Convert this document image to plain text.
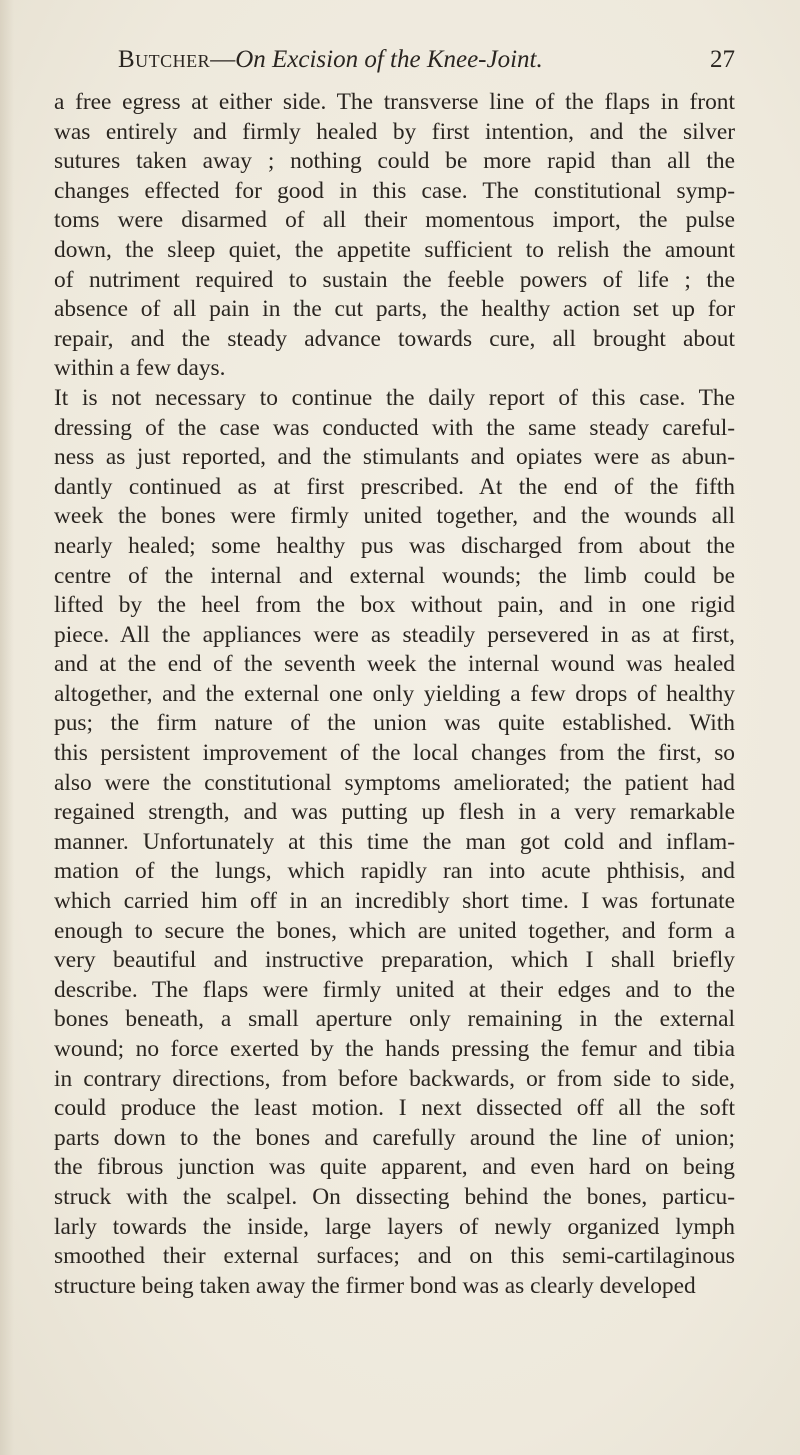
Butcher—On Excision of the Knee-Joint.	27
a free egress at either side. The transverse line of the flaps in front
was entirely and firmly healed by first intention, and the silver
sutures taken away ; nothing could be more rapid than all the
changes effected for good in this case. The constitutional symp-
toms were disarmed of all their momentous import, the pulse
down, the sleep quiet, the appetite sufficient to relish the amount
of nutriment required to sustain the feeble powers of life ; the
absence of all pain in the cut parts, the healthy action set up for
repair, and the steady advance towards cure, all brought about
within a few days.
It is not necessary to continue the daily report of this case. The
dressing of the case was conducted with the same steady careful-
ness as just reported, and the stimulants and opiates were as abun-
dantly continued as at first prescribed. At the end of the fifth
week the bones were firmly united together, and the wounds all
nearly healed; some healthy pus was discharged from about the
centre of the internal and external wounds; the limb could be
lifted by the heel from the box without pain, and in one rigid
piece. All the appliances were as steadily persevered in as at first,
and at the end of the seventh week the internal wound was healed
altogether, and the external one only yielding a few drops of healthy
pus; the firm nature of the union was quite established. With
this persistent improvement of the local changes from the first, so
also were the constitutional symptoms ameliorated; the patient had
regained strength, and was putting up flesh in a very remarkable
manner. Unfortunately at this time the man got cold and inflam-
mation of the lungs, which rapidly ran into acute phthisis, and
which carried him off in an incredibly short time. I was fortunate
enough to secure the bones, which are united together, and form a
very beautiful and instructive preparation, which I shall briefly
describe. The flaps were firmly united at their edges and to the
bones beneath, a small aperture only remaining in the external
wound; no force exerted by the hands pressing the femur and tibia
in contrary directions, from before backwards, or from side to side,
could produce the least motion. I next dissected off all the soft
parts down to the bones and carefully around the line of union;
the fibrous junction was quite apparent, and even hard on being
struck with the scalpel. On dissecting behind the bones, particu-
larly towards the inside, large layers of newly organized lymph
smoothed their external surfaces; and on this semi-cartilaginous
structure being taken away the firmer bond was as clearly developed
